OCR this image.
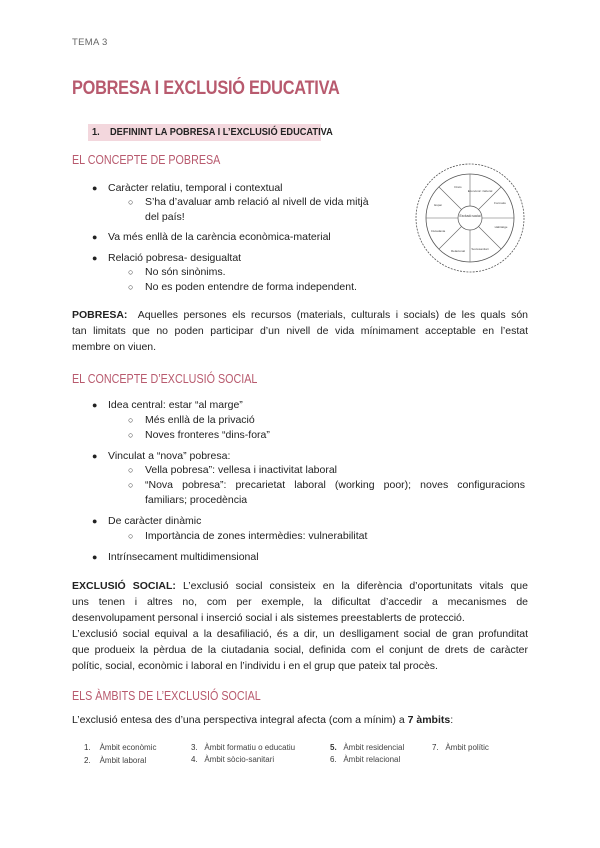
TEMA 3
POBRESA I EXCLUSIÓ EDUCATIVA
1. DEFININT LA POBRESA I L’EXCLUSIÓ EDUCATIVA
EL CONCEPTE DE POBRESA
● Caràcter relatiu, temporal i contextual
○ S’ha d’avaluar amb relació al nivell de vida mitjà
del país!
● Va més enllà de la carència econòmica-material
● Relació pobresa- desigualtat
○ No són sinònims.
○ No es poden entendre de forma independent.
Exclusió social
Econòmic i laboral
Formatiu
Habitatge
Sociosanitari
Relacional
Ciutadania
Espai
Drets
POBRESA: Aquelles persones els recursos (materials, culturals i socials) de les quals són
tan limitats que no poden participar d’un nivell de vida mínimament acceptable en l’estat
membre on viuen.
EL CONCEPTE D’EXCLUSIÓ SOCIAL
● Idea central: estar “al marge”
○ Més enllà de la privació
○ Noves fronteres “dins-fora”
● Vinculat a “nova” pobresa:
○ Vella pobresa”: vellesa i inactivitat laboral
○ “Nova pobresa”: precarietat laboral (working poor); noves configuracions
familiars; procedència
● De caràcter dinàmic
○ Importància de zones intermèdies: vulnerabilitat
● Intrínsecament multidimensional
EXCLUSIÓ SOCIAL: L’exclusió social consisteix en la diferència d’oportunitats vitals que
uns tenen i altres no, com per exemple, la dificultat d’accedir a mecanismes de
desenvolupament personal i inserció social i als sistemes preestablerts de protecció.
L’exclusió social equival a la desafiliació, és a dir, un deslligament social de gran profunditat
que produeix la pèrdua de la ciutadania social, definida com el conjunt de drets de caràcter
polític, social, econòmic i laboral en l’individu i en el grup que pateix tal procès.
ELS ÀMBITS DE L’EXCLUSIÓ SOCIAL
L’exclusió entesa des d’una perspectiva integral afecta (com a mínim) a 7 àmbits:
1. Àmbit econòmic
2. Àmbit laboral
3. Àmbit formatiu o educatiu
4. Àmbit sòcio-sanitari
5. Àmbit residencial
6. Àmbit relacional
7. Àmbit polític
